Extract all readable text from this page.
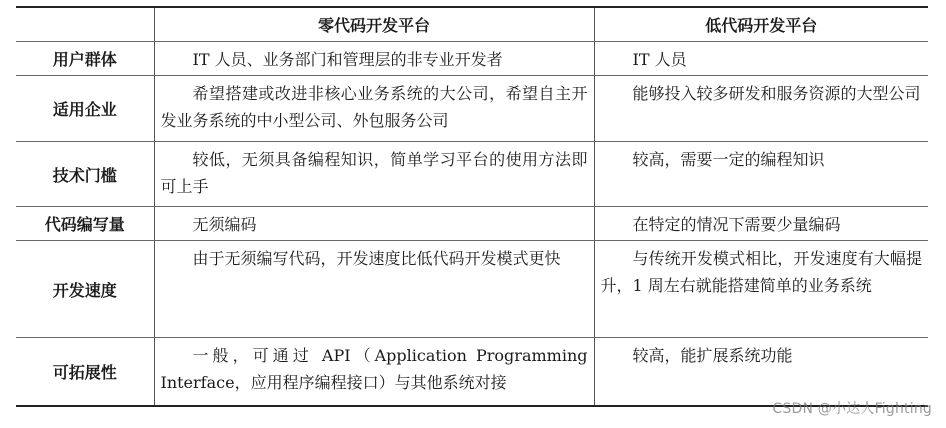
	零代码开发平台	低代码开发平台
用户群体	IT 人员、业务部门和管理层的非专业开发者	IT 人员
适用企业	希望搭建或改进非核心业务系统的大公司，希望自主开发业务系统的中小型公司、外包服务公司	能够投入较多研发和服务资源的大型公司
技术门槛	较低，无须具备编程知识，简单学习平台的使用方法即可上手	较高，需要一定的编程知识
代码编写量	无须编码	在特定的情况下需要少量编码
开发速度	由于无须编写代码，开发速度比低代码开发模式更快	与传统开发模式相比，开发速度有大幅提升，1 周左右就能搭建简单的业务系统
可拓展性	一般，可通过 API（Application Programming Interface，应用程序编程接口）与其他系统对接	较高，能扩展系统功能
CSDN @小达人Fighting
